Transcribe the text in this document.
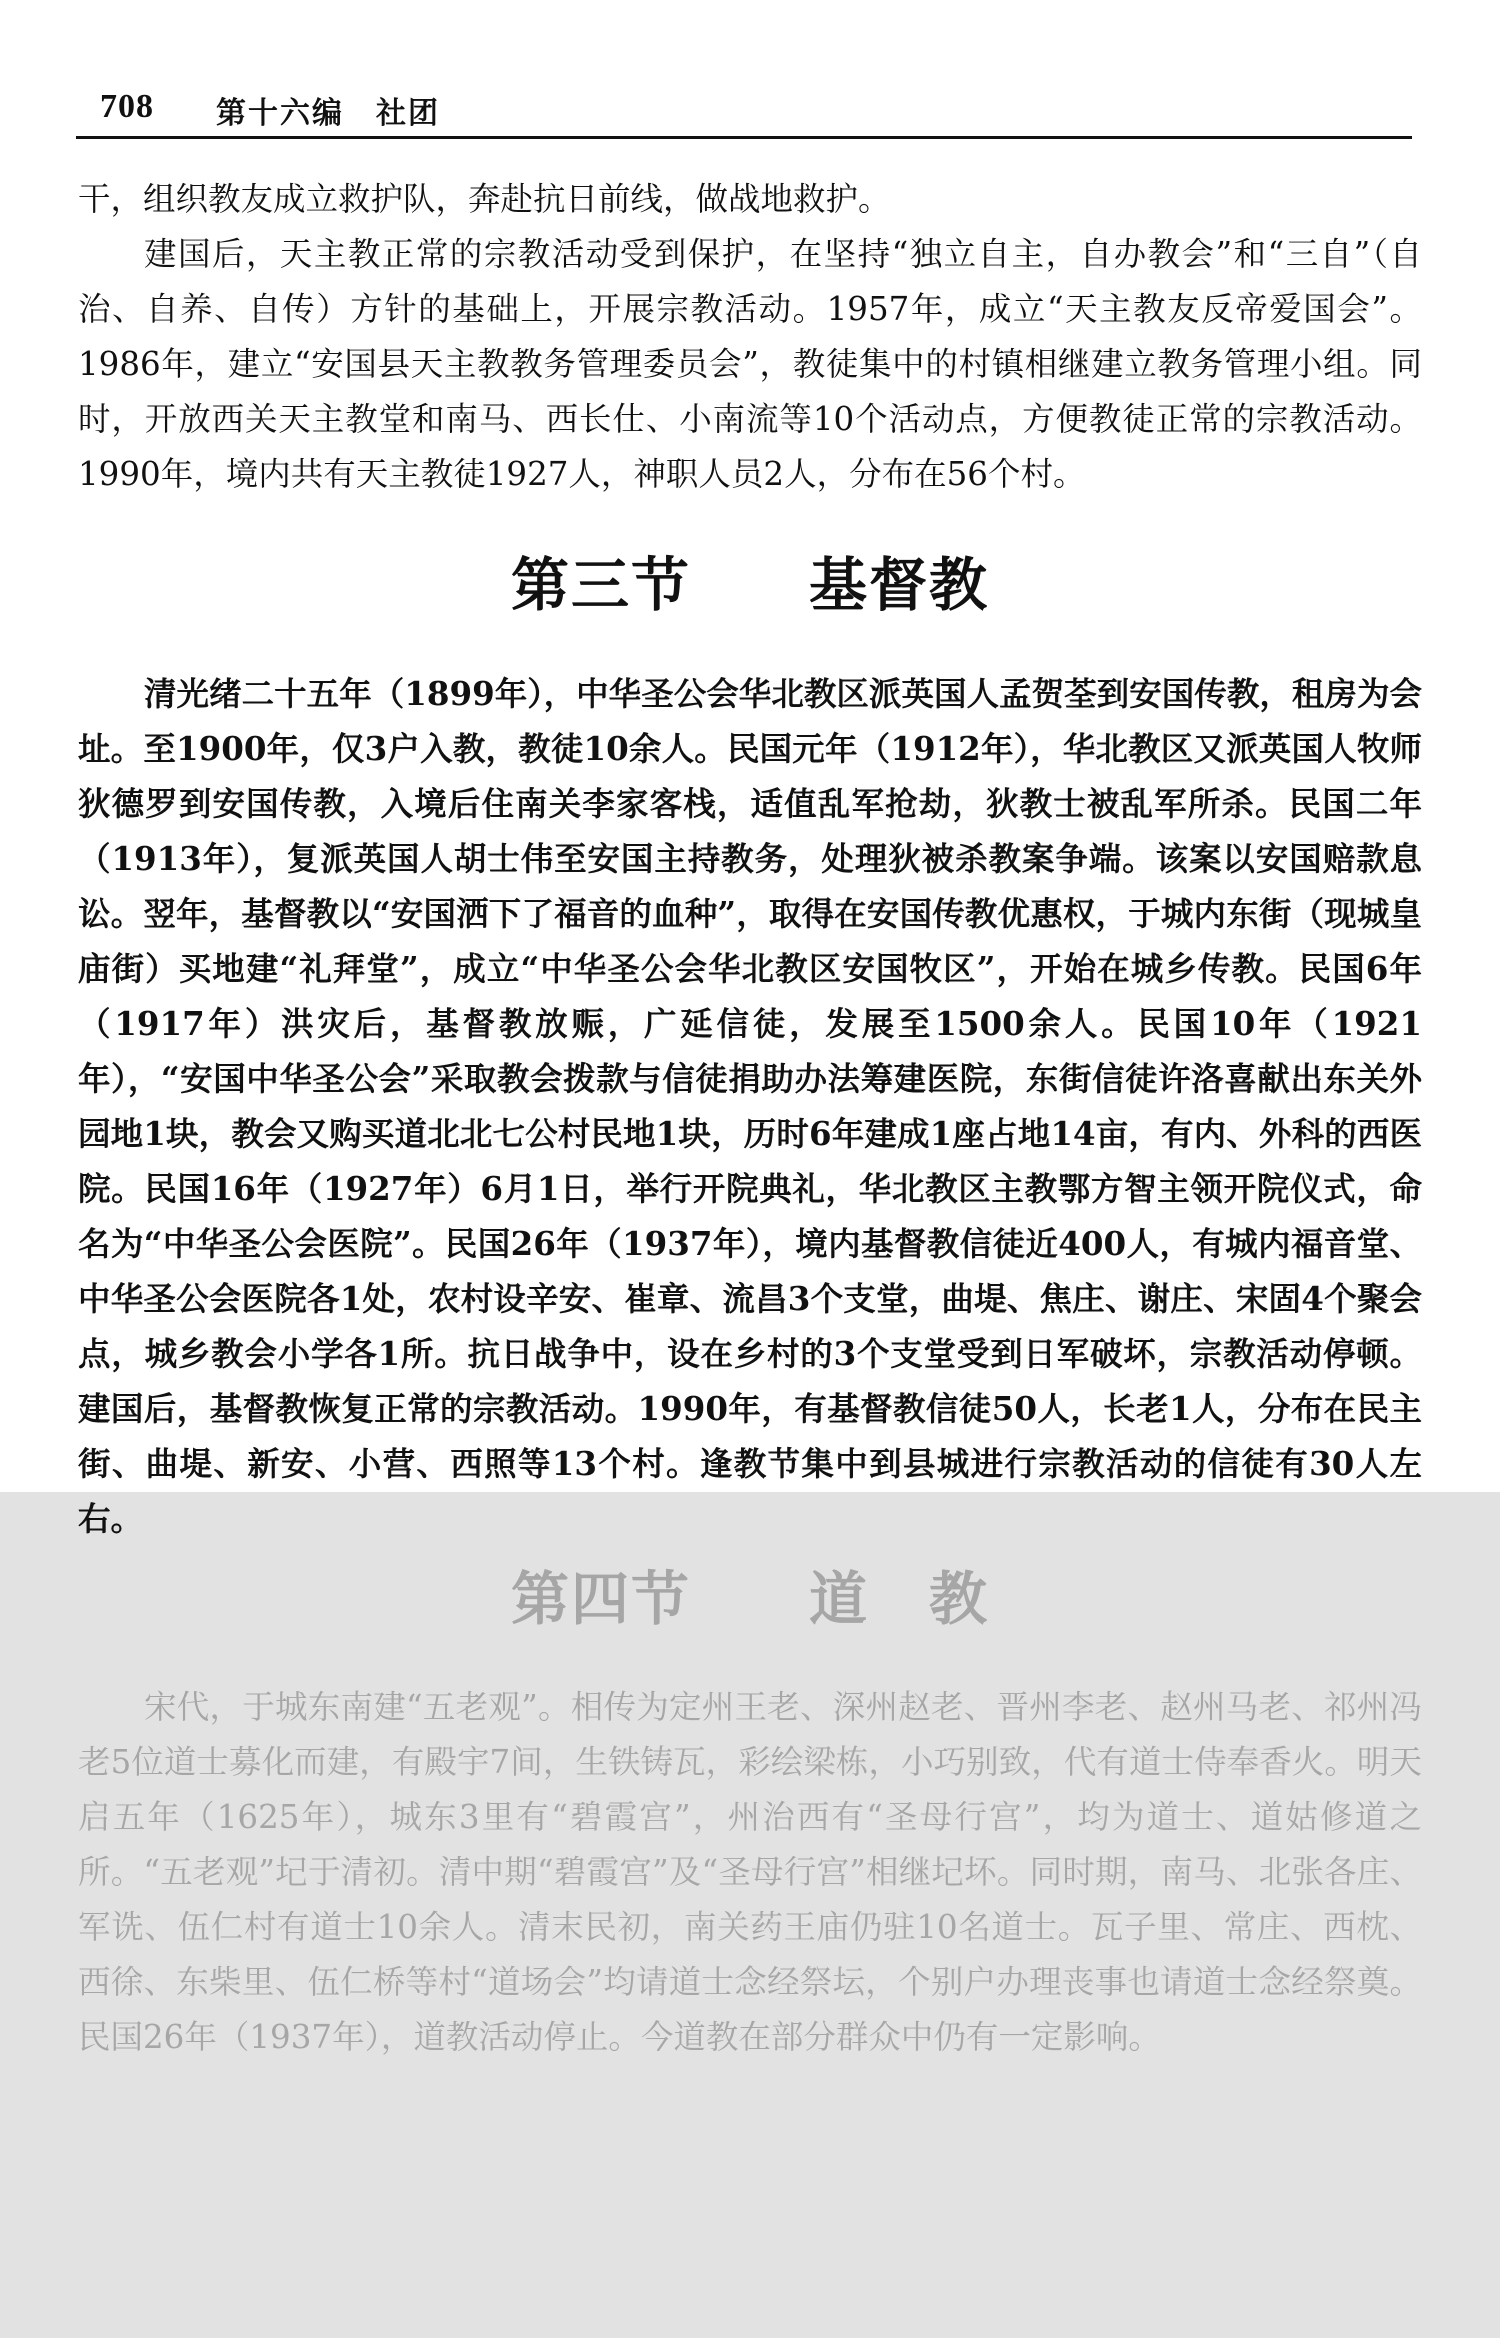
708 第十六编　社团

干，组织教友成立救护队，奔赴抗日前线，做战地救护。

建国后，天主教正常的宗教活动受到保护，在坚持“独立自主，自办教会”和“三自”（自治、自养、自传）方针的基础上，开展宗教活动。1957年，成立“天主教友反帝爱国会”。1986年，建立“安国县天主教教务管理委员会”，教徒集中的村镇相继建立教务管理小组。同时，开放西关天主教堂和南马、西长仕、小南流等10个活动点，方便教徒正常的宗教活动。1990年，境内共有天主教徒1927人，神职人员2人，分布在56个村。

第三节 基督教

清光绪二十五年（1899年），中华圣公会华北教区派英国人孟贺荃到安国传教，租房为会址。至1900年，仅3户入教，教徒10余人。民国元年（1912年），华北教区又派英国人牧师狄德罗到安国传教，入境后住南关李家客栈，适值乱军抢劫，狄教士被乱军所杀。民国二年（1913年），复派英国人胡士伟至安国主持教务，处理狄被杀教案争端。该案以安国赔款息讼。翌年，基督教以“安国洒下了福音的血种”，取得在安国传教优惠权，于城内东街（现城皇庙街）买地建“礼拜堂”，成立“中华圣公会华北教区安国牧区”，开始在城乡传教。民国6年（1917年）洪灾后，基督教放赈，广延信徒，发展至1500余人。民国10年（1921年），“安国中华圣公会”采取教会拨款与信徒捐助办法筹建医院，东街信徒许洛喜献出东关外园地1块，教会又购买道北北七公村民地1块，历时6年建成1座占地14亩，有内、外科的西医院。民国16年（1927年）6月1日，举行开院典礼，华北教区主教鄂方智主领开院仪式，命名为“中华圣公会医院”。民国26年（1937年），境内基督教信徒近400人，有城内福音堂、中华圣公会医院各1处，农村设辛安、崔章、流昌3个支堂，曲堤、焦庄、谢庄、宋固4个聚会点，城乡教会小学各1所。抗日战争中，设在乡村的3个支堂受到日军破坏，宗教活动停顿。建国后，基督教恢复正常的宗教活动。1990年，有基督教信徒50人，长老1人，分布在民主街、曲堤、新安、小营、西照等13个村。逢教节集中到县城进行宗教活动的信徒有30人左右。

第四节 道　教

宋代，于城东南建“五老观”。相传为定州王老、深州赵老、晋州李老、赵州马老、祁州冯老5位道士募化而建，有殿宇7间，生铁铸瓦，彩绘梁栋，小巧别致，代有道士侍奉香火。明天启五年（1625年），城东3里有“碧霞宫”，州治西有“圣母行宫”，均为道士、道姑修道之所。“五老观”圮于清初。清中期“碧霞宫”及“圣母行宫”相继圮坏。同时期，南马、北张各庄、军诜、伍仁村有道士10余人。清末民初，南关药王庙仍驻10名道士。瓦子里、常庄、西枕、西徐、东柴里、伍仁桥等村“道场会”均请道士念经祭坛，个别户办理丧事也请道士念经祭奠。民国26年（1937年），道教活动停止。今道教在部分群众中仍有一定影响。
